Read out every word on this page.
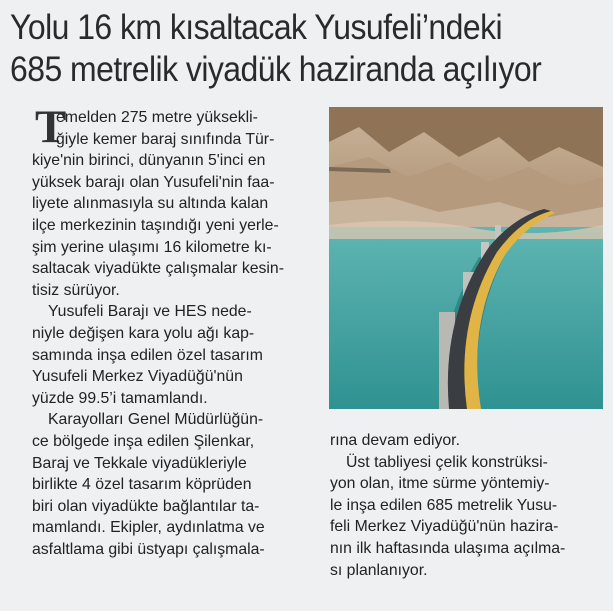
Yolu 16 km kısaltacak Yusufeli’ndeki
685 metrelik viyadük haziranda açılıyor
T
emelden 275 metre yüksekli-
ğiyle kemer baraj sınıfında Tür-
kiye'nin birinci, dünyanın 5'inci en
yüksek barajı olan Yusufeli'nin faa-
liyete alınmasıyla su altında kalan
ilçe merkezinin taşındığı yeni yerle-
şim yerine ulaşımı 16 kilometre kı-
saltacak viyadükte çalışmalar kesin-
tisiz sürüyor.
Yusufeli Barajı ve HES nede-
niyle değişen kara yolu ağı kap-
samında inşa edilen özel tasarım
Yusufeli Merkez Viyadüğü'nün
yüzde 99.5’i tamamlandı.
Karayolları Genel Müdürlüğün-
ce bölgede inşa edilen Şilenkar,
Baraj ve Tekkale viyadükleriyle
birlikte 4 özel tasarım köprüden
biri olan viyadükte bağlantılar ta-
mamlandı. Ekipler, aydınlatma ve
asfaltlama gibi üstyapı çalışmala-
rına devam ediyor.
Üst tabliyesi çelik konstrüksi-
yon olan, itme sürme yöntemiy-
le inşa edilen 685 metrelik Yusu-
feli Merkez Viyadüğü'nün hazira-
nın ilk haftasında ulaşıma açılma-
sı planlanıyor.
